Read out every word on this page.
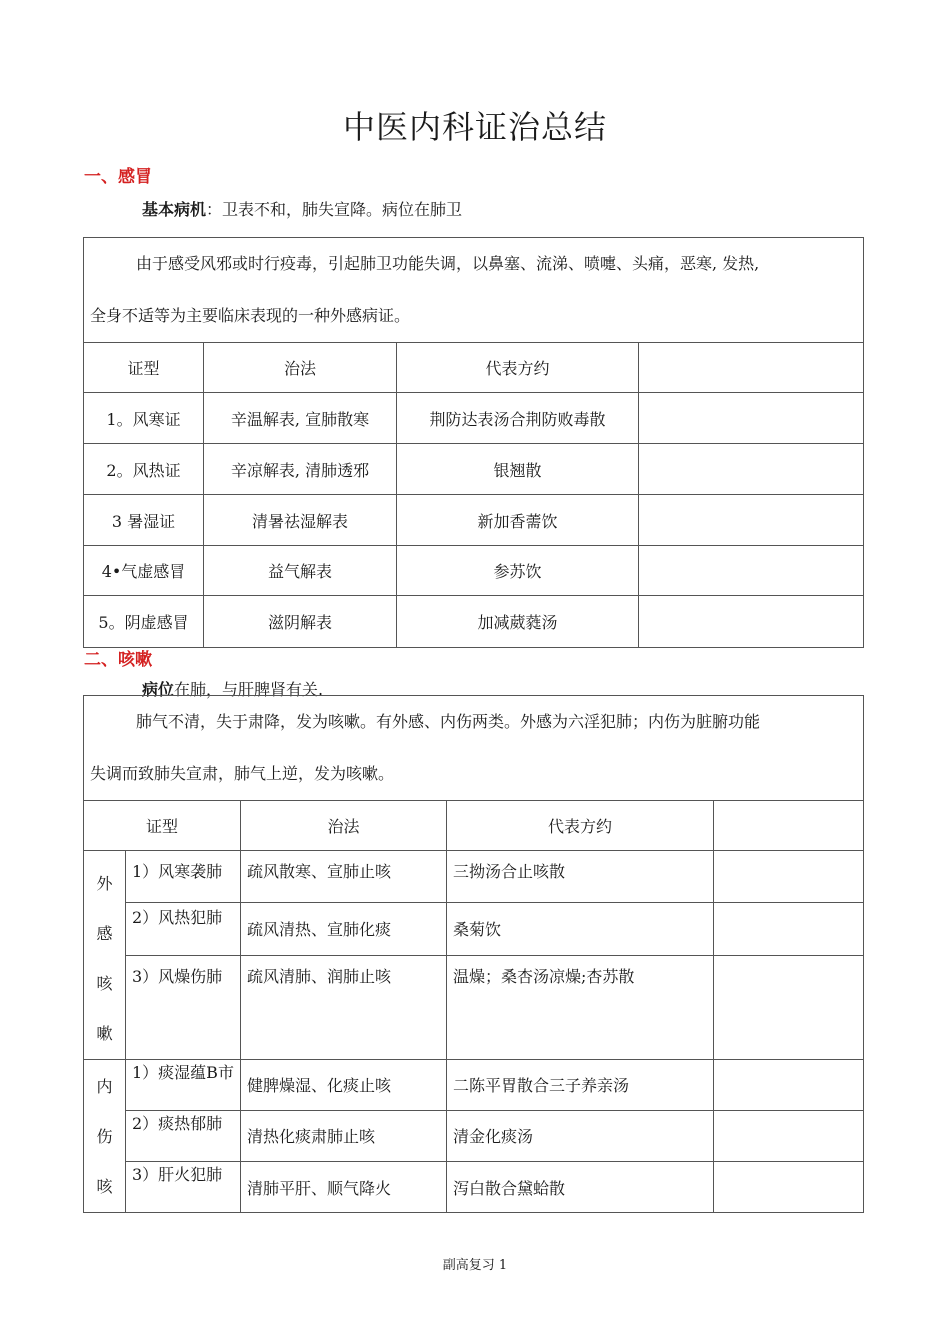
中医内科证治总结
一、感冒
基本病机：卫表不和，肺失宣降。病位在肺卫
由于感受风邪或时行疫毒，引起肺卫功能失调，以鼻塞、流涕、喷嚏、头痛，恶寒, 发热,
全身不适等为主要临床表现的一种外感病证。			
证型	治法	代表方约	
1。风寒证	辛温解表, 宣肺散寒	荆防达表汤合荆防败毒散	
2。风热证	辛凉解表, 清肺透邪	银翘散	
3 暑湿证	清暑祛湿解表	新加香薷饮	
4•气虚感冒	益气解表	参苏饮	
5。阴虚感冒	滋阴解表	加减葳蕤汤	
二、咳嗽
病位在肺，与肝脾肾有关.
肺气不清，失于肃降，发为咳嗽。有外感、内伤两类。外感为六淫犯肺；内伤为脏腑功能
失调而致肺失宣肃，肺气上逆，发为咳嗽。				
证型		治法	代表方约	
外
感
咳
嗽	1）风寒袭肺	疏风散寒、宣肺止咳	三拗汤合止咳散	
	2）风热犯肺	疏风清热、宣肺化痰	桑菊饮	
	3）风燥伤肺	疏风清肺、润肺止咳	温燥；桑杏汤凉燥;杏苏散	
内
伤
咳	1）痰湿蕴B市	健脾燥湿、化痰止咳	二陈平胃散合三子养亲汤	
	2）痰热郁肺	清热化痰肃肺止咳	清金化痰汤	
	3）肝火犯肺	清肺平肝、顺气降火	泻白散合黛蛤散	
副高复习 1
